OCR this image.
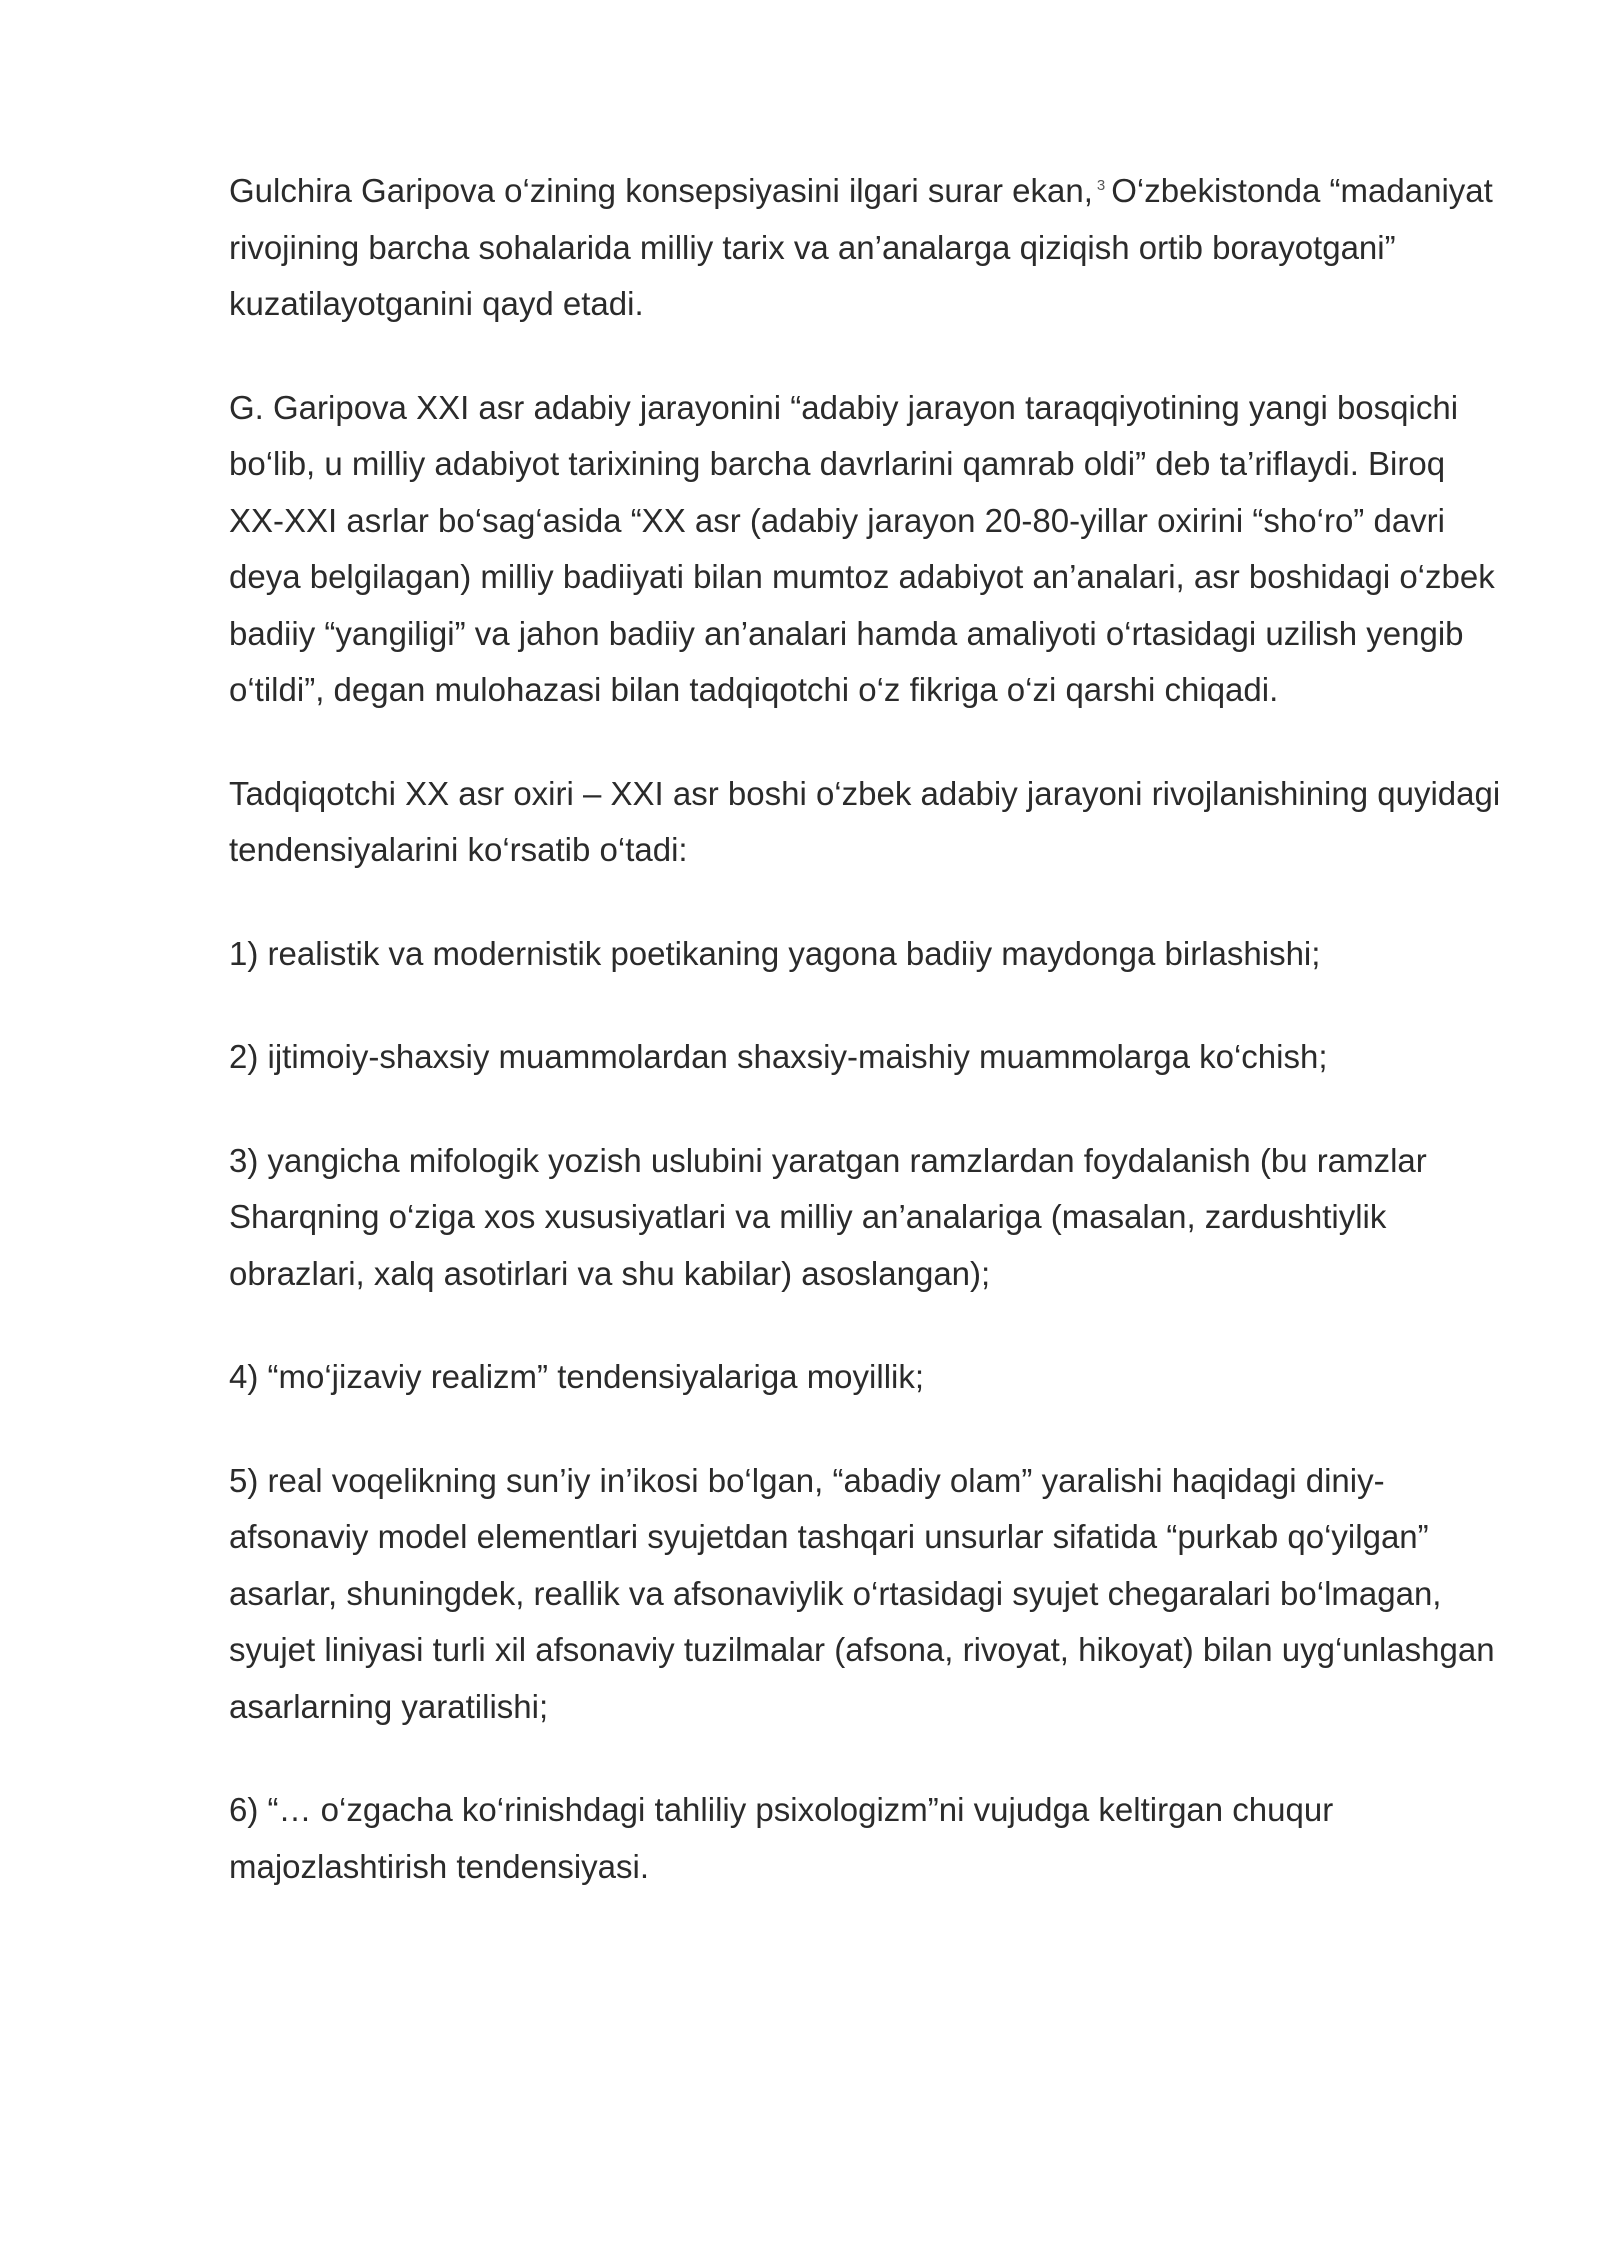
Gulchira Garipova o‘zining konsepsiyasini ilgari surar ekan, $^3$ O‘zbekistonda “madaniyat rivojining barcha sohalarida milliy tarix va an’analarga qiziqish ortib borayotgani” kuzatilayotganini qayd etadi.

G. Garipova XXI asr adabiy jarayonini “adabiy jarayon taraqqiyotining yangi bosqichi bo‘lib, u milliy adabiyot tarixining barcha davrlarini qamrab oldi” deb ta’riflaydi. Biroq XX-XXI asrlar bo‘sag‘asida “XX asr (adabiy jarayon 20-80-yillar oxirini “sho‘ro” davri deya belgilagan) milliy badiiyati bilan mumtoz adabiyot an’analari, asr boshidagi o‘zbek badiiy “yangiligi” va jahon badiiy an’analari hamda amaliyoti o‘rtasidagi uzilish yengib o‘tildi”, degan mulohazasi bilan tadqiqotchi o‘z fikriga o‘zi qarshi chiqadi.

Tadqiqotchi XX asr oxiri – XXI asr boshi o‘zbek adabiy jarayoni rivojlanishining quyidagi tendensiyalarini ko‘rsatib o‘tadi:

1) realistik va modernistik poetikaning yagona badiiy maydonga birlashishi;

2) ijtimoiy-shaxsiy muammolardan shaxsiy-maishiy muammolarga ko‘chish;

3) yangicha mifologik yozish uslubini yaratgan ramzlardan foydalanish (bu ramzlar Sharqning o‘ziga xos xususiyatlari va milliy an’analariga (masalan, zardushtiylik obrazlari, xalq asotirlari va shu kabilar) asoslangan);

4) “mo‘jizaviy realizm” tendensiyalariga moyillik;

5) real voqelikning sun’iy in’ikosi bo‘lgan, “abadiy olam” yaralishi haqidagi diniy-afsonaviy model elementlari syujetdan tashqari unsurlar sifatida “purkab qo‘yilgan” asarlar, shuningdek, reallik va afsonaviylik o‘rtasidagi syujet chegaralari bo‘lmagan, syujet liniyasi turli xil afsonaviy tuzilmalar (afsona, rivoyat, hikoyat) bilan uyg‘unlashgan asarlarning yaratilishi;

6) “… o‘zgacha ko‘rinishdagi tahliliy psixologizm”ni vujudga keltirgan chuqur majozlashtirish tendensiyasi.
